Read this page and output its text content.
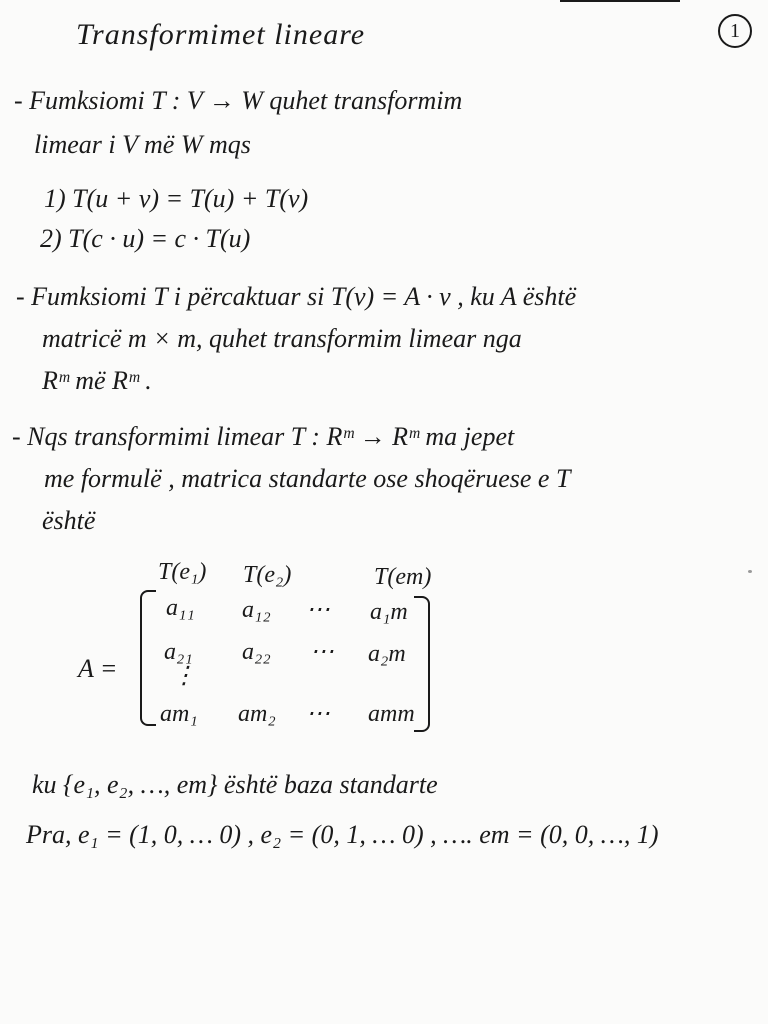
Transformimet lineare	1
- Fumksiomi T : V → W quhet transformim
limear i V më W mqs
1) T(u + v) = T(u) + T(v)
2) T(c · u) = c · T(u)
- Fumksiomi T i përcaktuar si T(v) = A · v , ku A është
matricë m × m, quhet transformim limear nga
Rᵐ më Rᵐ .
- Nqs transformimi limear T : Rᵐ → Rᵐ ma jepet
me formulë , matrica standarte ose shoqëruese e T
është
A =
T(e₁) T(e₂)	T(em)
a₁₁ a₁₂ ⋯ a₁m
a₂₁ a₂₂ ⋯ a₂m
⋮
am₁ am₂ ⋯ amm
ku {e₁, e₂, …, em} është baza standarte
Pra, e₁ = (1, 0, … 0) , e₂ = (0, 1, … 0) , …. em = (0, 0, …, 1)
